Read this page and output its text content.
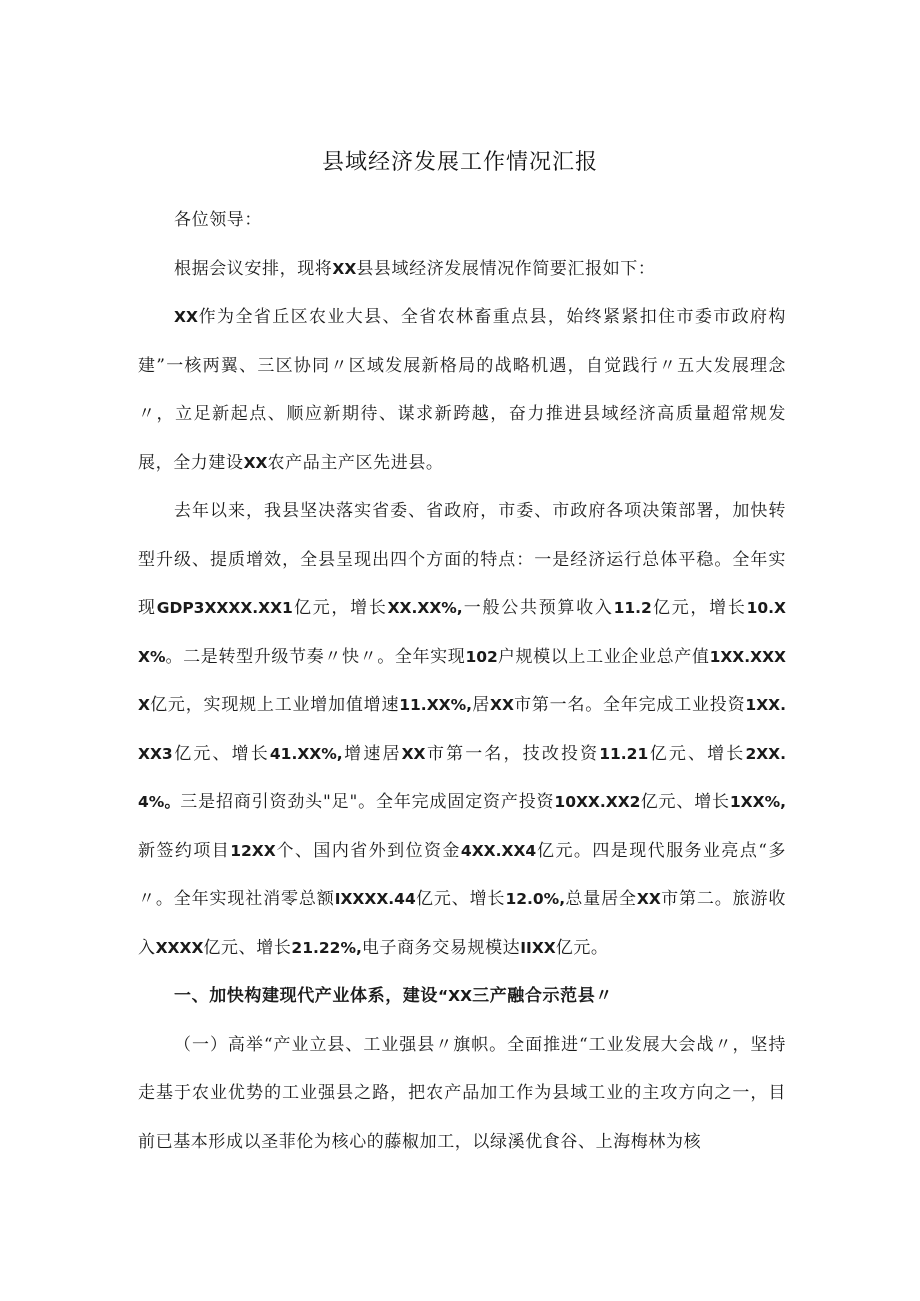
县域经济发展工作情况汇报

各位领导：

根据会议安排，现将XX县县域经济发展情况作简要汇报如下：

XX作为全省丘区农业大县、全省农林畜重点县，始终紧紧扣住市委市政府构建”一核两翼、三区协同〃区域发展新格局的战略机遇，自觉践行〃五大发展理念〃，立足新起点、顺应新期待、谋求新跨越，奋力推进县域经济高质量超常规发展，全力建设XX农产品主产区先进县。

去年以来，我县坚决落实省委、省政府，市委、市政府各项决策部署，加快转型升级、提质增效，全县呈现出四个方面的特点：一是经济运行总体平稳。全年实现GDP3XXXX.XX1亿元，增长XX.XX%,一般公共预算收入11.2亿元，增长10.XX%。二是转型升级节奏〃快〃。全年实现102户规模以上工业企业总产值1XX.XXXX亿元，实现规上工业增加值增速11.XX%,居XX市第一名。全年完成工业投资1XX.XX3亿元、增长41.XX%,增速居XX市第一名，技改投资11.21亿元、增长2XX.4%。三是招商引资劲头"足"。全年完成固定资产投资10XX.XX2亿元、增长1XX%,新签约项目12XX个、国内省外到位资金4XX.XX4亿元。四是现代服务业亮点“多〃。全年实现社消零总额IXXXX.44亿元、增长12.0%,总量居全XX市第二。旅游收入XXXX亿元、增长21.22%,电子商务交易规模达IIXX亿元。

一、加快构建现代产业体系，建设“XX三产融合示范县〃

（一）高举“产业立县、工业强县〃旗帜。全面推进“工业发展大会战〃，坚持走基于农业优势的工业强县之路，把农产品加工作为县域工业的主攻方向之一，目前已基本形成以圣菲伦为核心的藤椒加工，以绿溪优食谷、上海梅林为核
